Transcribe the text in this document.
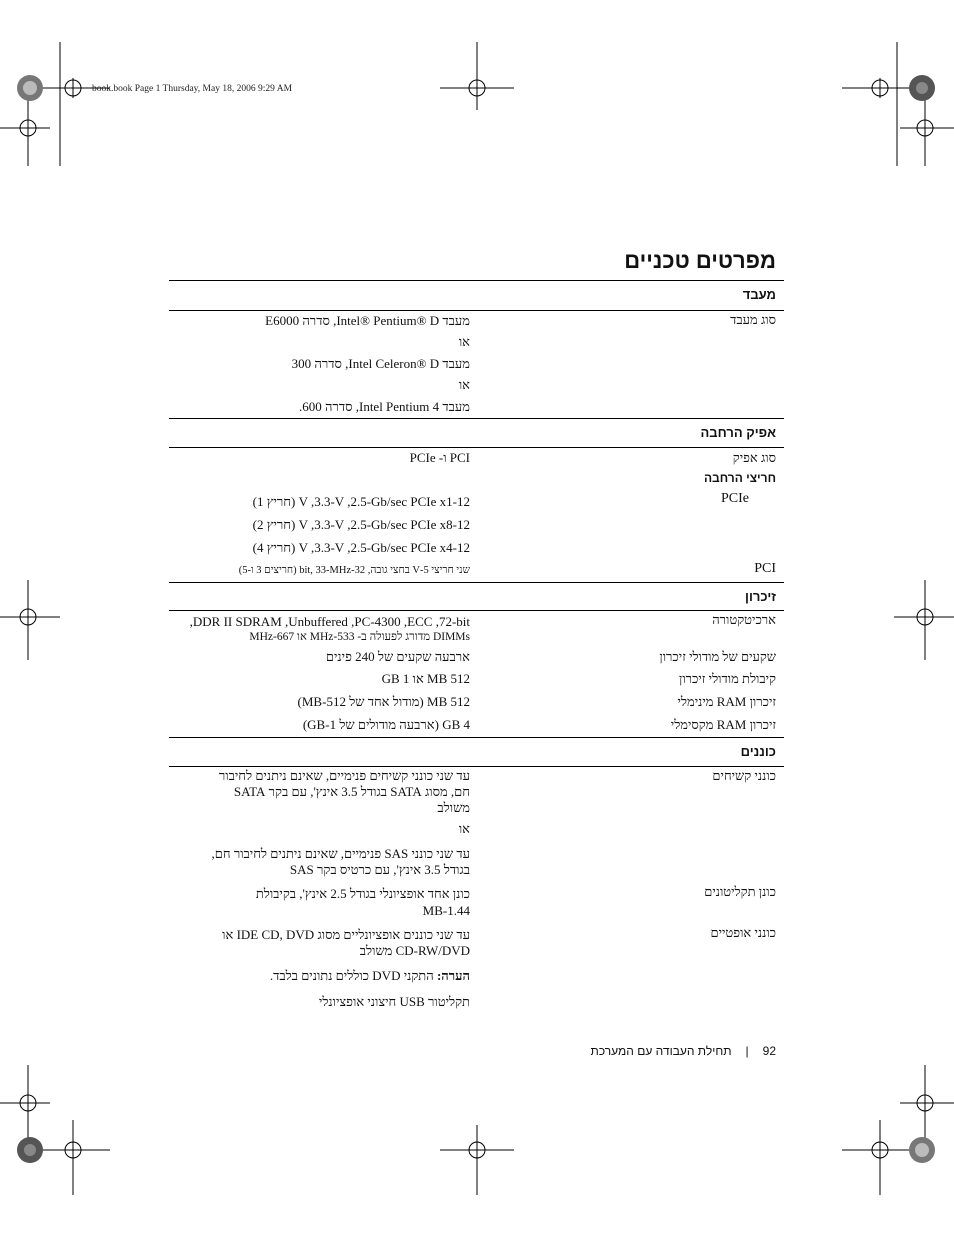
book.book Page 1 Thursday, May 18, 2006 9:29 AM
מפרטים טכניים
מעבד
סוג מעבד
מעבד Intel® Pentium® D, סדרה E6000
או
מעבד Intel Celeron® D, סדרה 300
או
מעבד Intel Pentium 4, סדרה 600.
אפיק הרחבה
סוג אפיק
PCI ו- PCIe
חריצי הרחבה
PCIe
12-V ,3.3-V ,2.5-Gb/sec PCIe x1 (חריץ 1)
12-V ,3.3-V ,2.5-Gb/sec PCIe x8 (חריץ 2)
12-V ,3.3-V ,2.5-Gb/sec PCIe x4 (חריץ 4)
PCI
שני חריצי 5-V בחצי גובה, 32-bit, 33-MHz (חריצים 3 ו-5)
זיכרון
ארכיטקטורה
DDR II SDRAM ,Unbuffered ,PC-4300 ,ECC ,72-bit,
DIMMs מדורג לפעולה ב- 533-MHz או 667-MHz
שקעים של מודולי זיכרון
ארבעה שקעים של 240 פינים
קיבולת מודולי זיכרון
512 MB או 1 GB
זיכרון RAM מינימלי
512 MB (מודול אחד של 512-MB)
זיכרון RAM מקסימלי
4 GB (ארבעה מודולים של 1-GB)
כוננים
כונני קשיחים
עד שני כונני קשיחים פנימיים, שאינם ניתנים לחיבור
חם, מסוג SATA בגודל 3.5 אינץ', עם בקר SATA
משולב
או
עד שני כונני SAS פנימיים, שאינם ניתנים לחיבור חם,
בגודל 3.5 אינץ', עם כרטיס בקר SAS
כונן תקליטונים
כונן אחד אופציונלי בגודל 2.5 אינץ', בקיבולת
1.44-MB
כונני אופטיים
עד שני כוננים אופציונליים מסוג IDE CD, DVD או
CD-RW/DVD משולב
הערה: התקני DVD כוללים נתונים בלבד.
תקליטור USB חיצוני אופציונלי
92|תחילת העבודה עם המערכת
